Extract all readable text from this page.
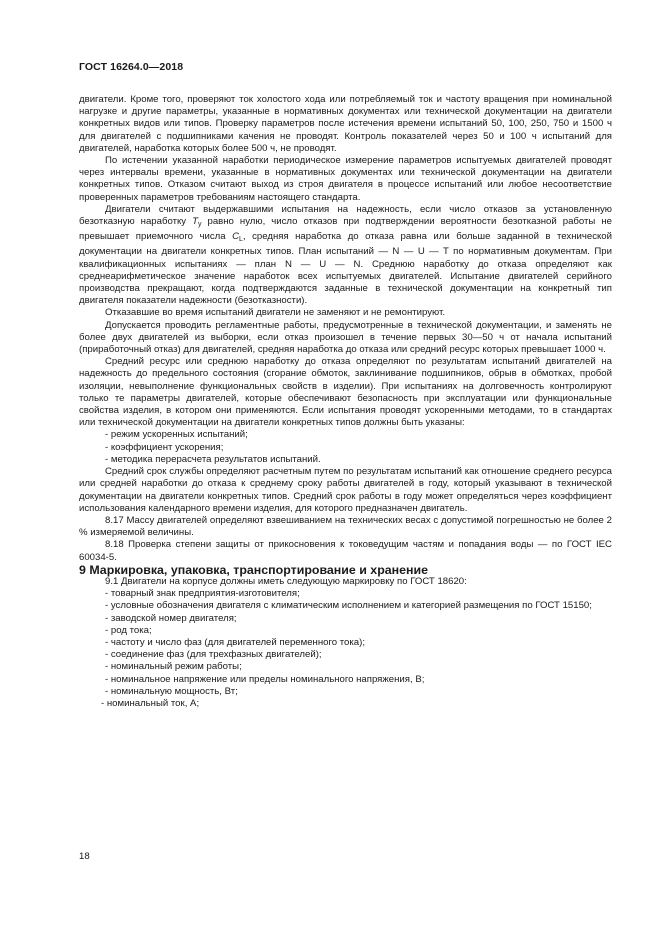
ГОСТ 16264.0—2018

двигатели. Кроме того, проверяют ток холостого хода или потребляемый ток и частоту вращения при номинальной нагрузке и другие параметры, указанные в нормативных документах или технической документации на двигатели конкретных видов или типов. Проверку параметров после истечения времени испытаний 50, 100, 250, 750 и 1500 ч для двигателей с подшипниками качения не проводят. Контроль показателей через 50 и 100 ч испытаний для двигателей, наработка которых более 500 ч, не проводят.

По истечении указанной наработки периодическое измерение параметров испытуемых двигателей проводят через интервалы времени, указанные в нормативных документах или технической документации на двигатели конкретных типов. Отказом считают выход из строя двигателя в процессе испытаний или любое несоответствие проверенных параметров требованиям настоящего стандарта.

Двигатели считают выдержавшими испытания на надежность, если число отказов за установленную безотказную наработку $T_у$ равно нулю, число отказов при подтверждении вероятности безотказной работы не превышает приемочного числа $C_L$, средняя наработка до отказа равна или больше заданной в технической документации на двигатели конкретных типов. План испытаний — N — U — T по нормативным документам. При квалификационных испытаниях — план N — U — N. Среднюю наработку до отказа определяют как среднеарифметическое значение наработок всех испытуемых двигателей. Испытание двигателей серийного производства прекращают, когда подтверждаются заданные в технической документации на конкретный тип двигателя показатели надежности (безотказности).

Отказавшие во время испытаний двигатели не заменяют и не ремонтируют.

Допускается проводить регламентные работы, предусмотренные в технической документации, и заменять не более двух двигателей из выборки, если отказ произошел в течение первых 30—50 ч от начала испытаний (приработочный отказ) для двигателей, средняя наработка до отказа или средний ресурс которых превышает 1000 ч.

Средний ресурс или среднюю наработку до отказа определяют по результатам испытаний двигателей на надежность до предельного состояния (сгорание обмоток, заклинивание подшипников, обрыв в обмотках, пробой изоляции, невыполнение функциональных свойств в изделии). При испытаниях на долговечность контролируют только те параметры двигателей, которые обеспечивают безопасность при эксплуатации или функциональные свойства изделия, в котором они применяются. Если испытания проводят ускоренными методами, то в стандартах или технической документации на двигатели конкретных типов должны быть указаны:

- режим ускоренных испытаний;

- коэффициент ускорения;

- методика перерасчета результатов испытаний.

Средний срок службы определяют расчетным путем по результатам испытаний как отношение среднего ресурса или средней наработки до отказа к среднему сроку работы двигателей в году, который указывают в технической документации на двигатели конкретных типов. Средний срок работы в году может определяться через коэффициент использования календарного времени изделия, для которого предназначен двигатель.

8.17 Массу двигателей определяют взвешиванием на технических весах с допустимой погрешностью не более 2 % измеряемой величины.

8.18 Проверка степени защиты от прикосновения к токоведущим частям и попадания воды — по ГОСТ IEC 60034-5.

9 Маркировка, упаковка, транспортирование и хранение

9.1 Двигатели на корпусе должны иметь следующую маркировку по ГОСТ 18620:

- товарный знак предприятия-изготовителя;

- условные обозначения двигателя с климатическим исполнением и категорией размещения по ГОСТ 15150;

- заводской номер двигателя;

- род тока;

- частоту и число фаз (для двигателей переменного тока);

- соединение фаз (для трехфазных двигателей);

- номинальный режим работы;

- номинальное напряжение или пределы номинального напряжения, В;

- номинальную мощность, Вт;

- номинальный ток, А;

18
